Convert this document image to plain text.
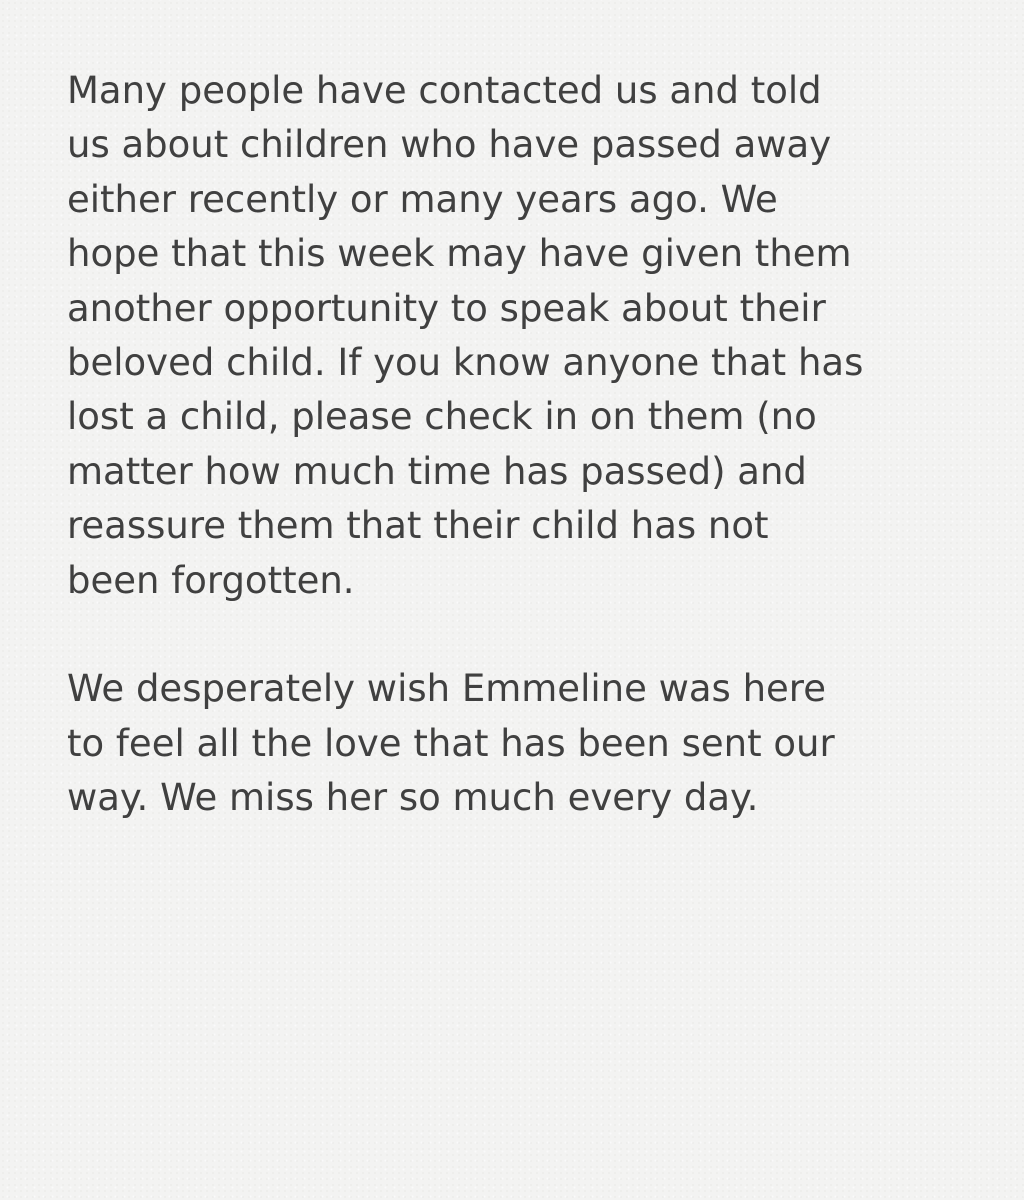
Many people have contacted us and told
us about children who have passed away
either recently or many years ago. We
hope that this week may have given them
another opportunity to speak about their
beloved child. If you know anyone that has
lost a child, please check in on them (no
matter how much time has passed) and
reassure them that their child has not
been forgotten.
We desperately wish Emmeline was here
to feel all the love that has been sent our
way. We miss her so much every day.
